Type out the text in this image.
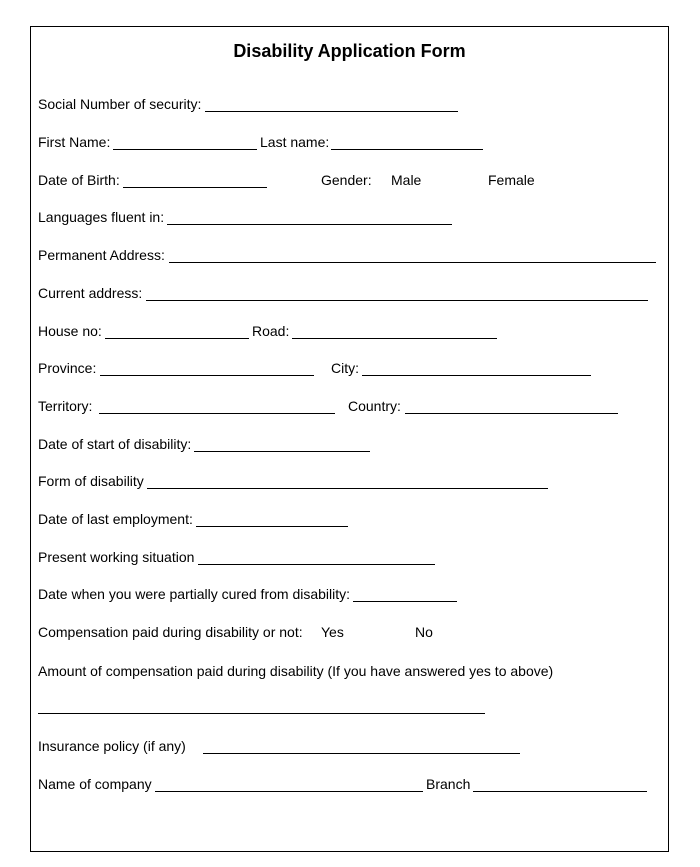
Disability Application Form
Social Number of security:
First Name:	Last name:
Date of Birth:	Gender: Male	Female
Languages fluent in:
Permanent Address:
Current address:
House no:	Road:
Province:	City:
Territory:	Country:
Date of start of disability:
Form of disability
Date of last employment:
Present working situation
Date when you were partially cured from disability:
Compensation paid during disability or not: Yes	No
Amount of compensation paid during disability (If you have answered yes to above)
Insurance policy (if any)
Name of company	Branch
